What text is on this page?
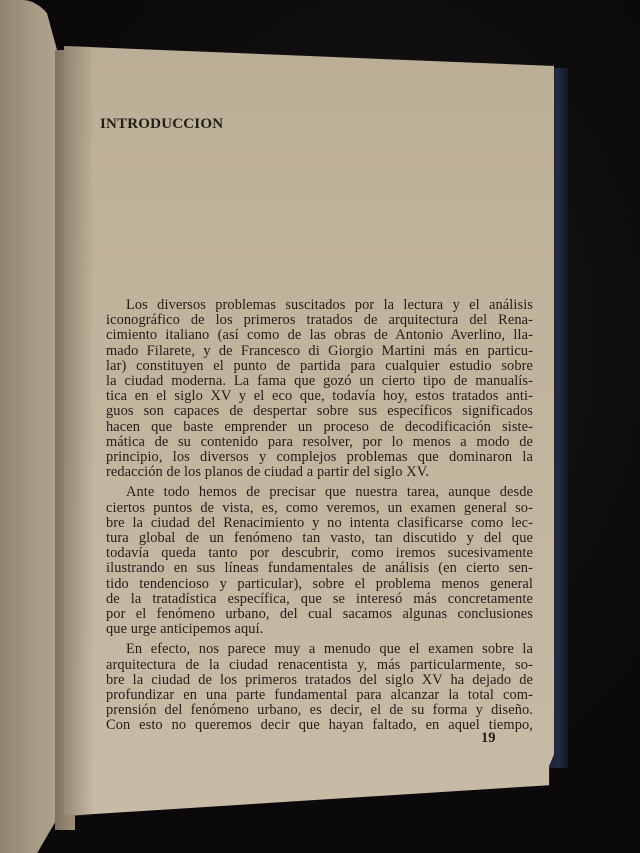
INTRODUCCION

Los diversos problemas suscitados por la lectura y el análisis
iconográfico de los primeros tratados de arquitectura del Rena-
cimiento italiano (así como de las obras de Antonio Averlino, lla-
mado Filarete, y de Francesco di Giorgio Martini más en particu-
lar) constituyen el punto de partida para cualquier estudio sobre
la ciudad moderna. La fama que gozó un cierto tipo de manualís-
tica en el siglo XV y el eco que, todavía hoy, estos tratados anti-
guos son capaces de despertar sobre sus específicos significados
hacen que baste emprender un proceso de decodificación siste-
mática de su contenido para resolver, por lo menos a modo de
principio, los diversos y complejos problemas que dominaron la
redacción de los planos de ciudad a partir del siglo XV.

Ante todo hemos de precisar que nuestra tarea, aunque desde
ciertos puntos de vista, es, como veremos, un examen general so-
bre la ciudad del Renacimiento y no intenta clasificarse como lec-
tura global de un fenómeno tan vasto, tan discutido y del que
todavía queda tanto por descubrir, como iremos sucesivamente
ilustrando en sus líneas fundamentales de análisis (en cierto sen-
tido tendencioso y particular), sobre el problema menos general
de la tratadística específica, que se interesó más concretamente
por el fenómeno urbano, del cual sacamos algunas conclusiones
que urge anticipemos aquí.

En efecto, nos parece muy a menudo que el examen sobre la
arquitectura de la ciudad renacentista y, más particularmente, so-
bre la ciudad de los primeros tratados del siglo XV ha dejado de
profundizar en una parte fundamental para alcanzar la total com-
prensión del fenómeno urbano, es decir, el de su forma y diseño.
Con esto no queremos decir que hayan faltado, en aquel tiempo,

19
